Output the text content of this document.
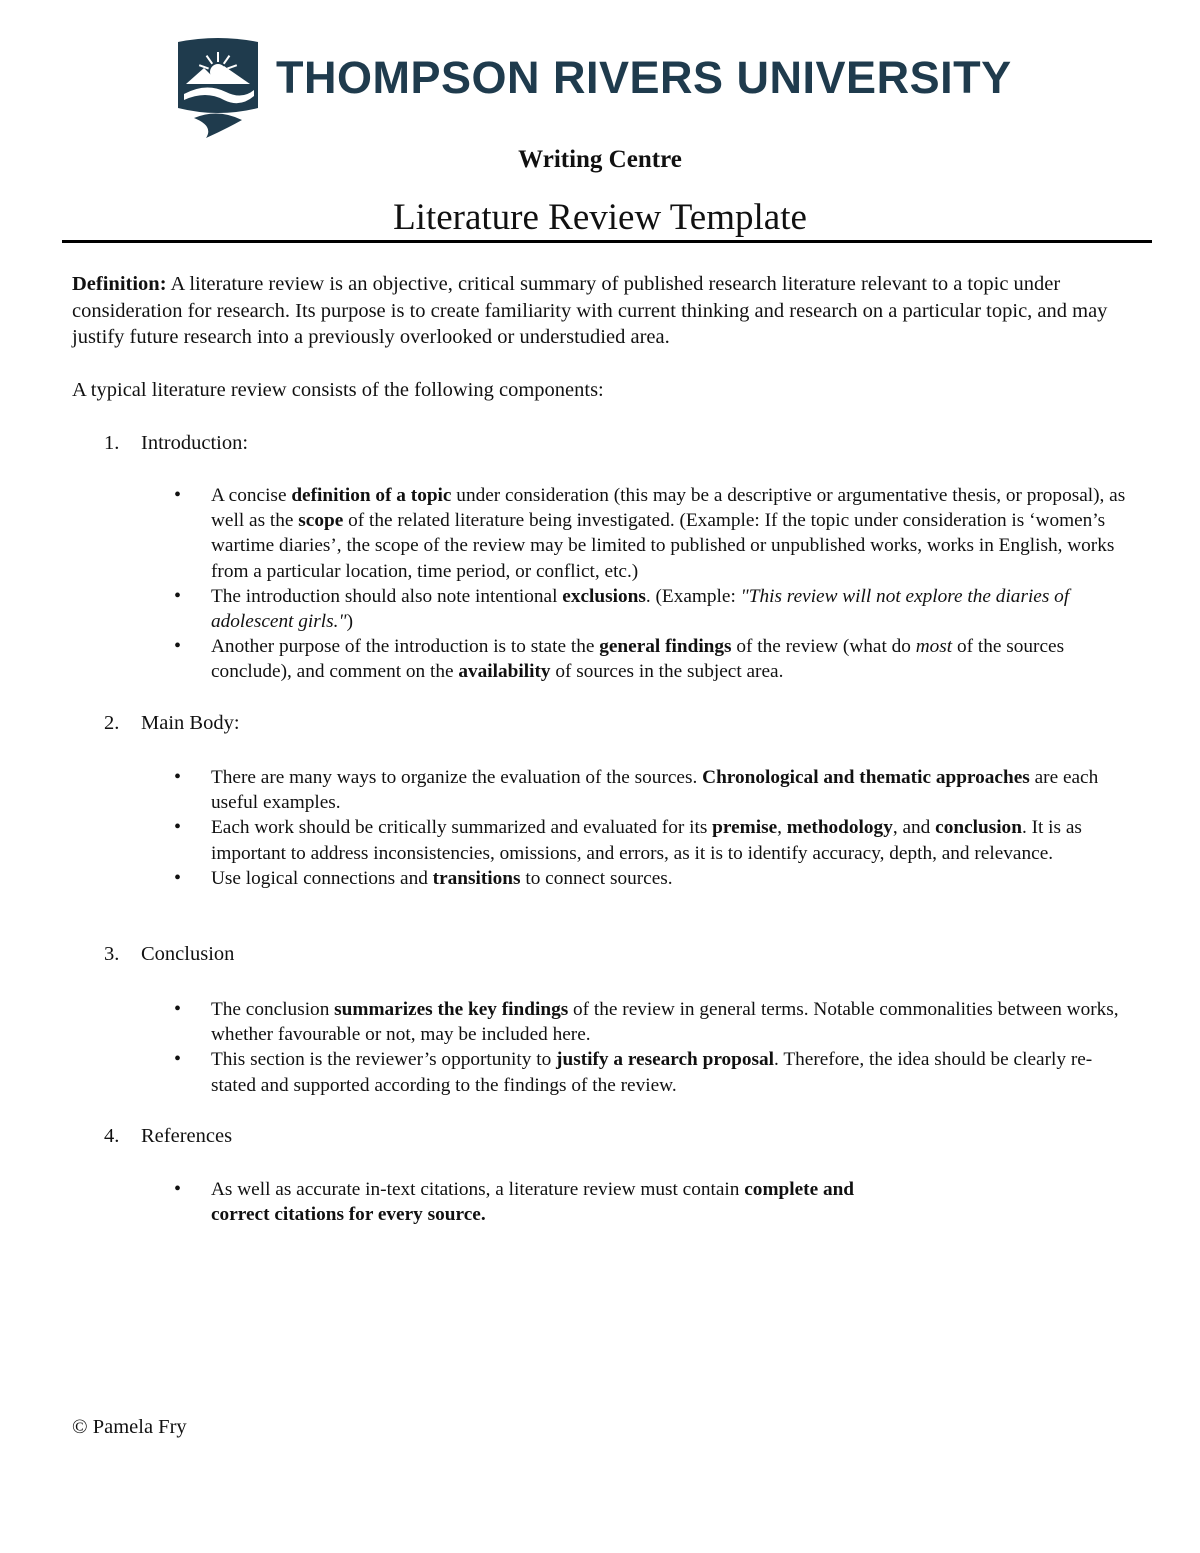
THOMPSON RIVERS UNIVERSITY
Writing Centre
Literature Review Template
Definition: A literature review is an objective, critical summary of published research literature relevant to a topic under consideration for research. Its purpose is to create familiarity with current thinking and research on a particular topic, and may justify future research into a previously overlooked or understudied area.
A typical literature review consists of the following components:
1. Introduction:
• A concise definition of a topic under consideration (this may be a descriptive or argumentative thesis, or proposal), as well as the scope of the related literature being investigated. (Example: If the topic under consideration is ‘women’s wartime diaries’, the scope of the review may be limited to published or unpublished works, works in English, works from a particular location, time period, or conflict, etc.)
• The introduction should also note intentional exclusions. (Example: "This review will not explore the diaries of adolescent girls.")
• Another purpose of the introduction is to state the general findings of the review (what do most of the sources conclude), and comment on the availability of sources in the subject area.
2. Main Body:
• There are many ways to organize the evaluation of the sources. Chronological and thematic approaches are each useful examples.
• Each work should be critically summarized and evaluated for its premise, methodology, and conclusion. It is as important to address inconsistencies, omissions, and errors, as it is to identify accuracy, depth, and relevance.
• Use logical connections and transitions to connect sources.
3. Conclusion
• The conclusion summarizes the key findings of the review in general terms. Notable commonalities between works, whether favourable or not, may be included here.
• This section is the reviewer’s opportunity to justify a research proposal. Therefore, the idea should be clearly re-stated and supported according to the findings of the review.
4. References
• As well as accurate in-text citations, a literature review must contain complete and
correct citations for every source.
© Pamela Fry
